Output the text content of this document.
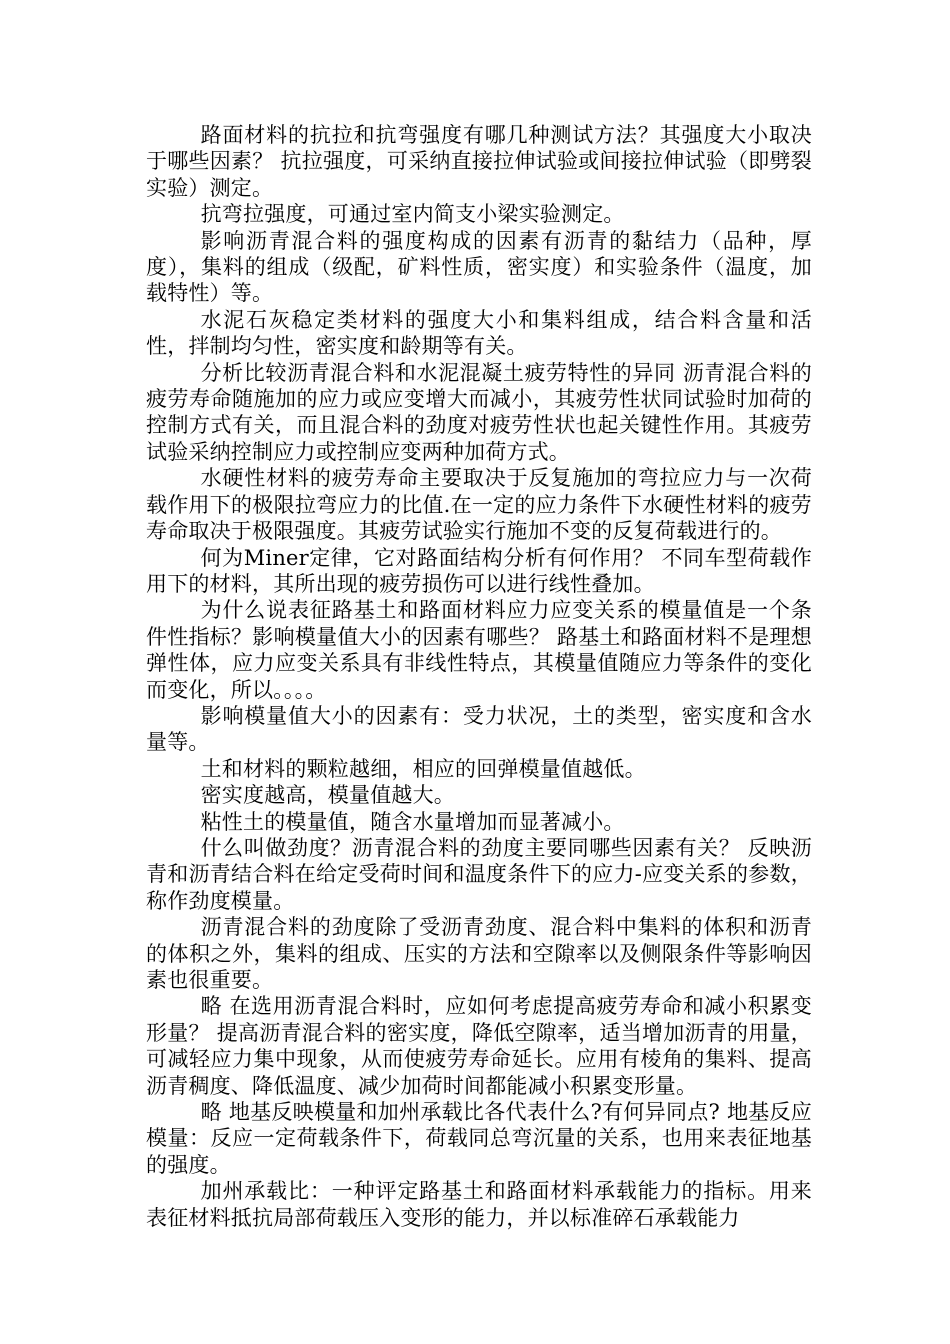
路面材料的抗拉和抗弯强度有哪几种测试方法？其强度大小取决于哪些因素？ 抗拉强度，可采纳直接拉伸试验或间接拉伸试验（即劈裂实验）测定。

抗弯拉强度，可通过室内简支小梁实验测定。

影响沥青混合料的强度构成的因素有沥青的黏结力（品种，厚度），集料的组成（级配，矿料性质，密实度）和实验条件（温度，加载特性）等。

水泥石灰稳定类材料的强度大小和集料组成，结合料含量和活性，拌制均匀性，密实度和龄期等有关。

分析比较沥青混合料和水泥混凝土疲劳特性的异同 沥青混合料的疲劳寿命随施加的应力或应变增大而减小，其疲劳性状同试验时加荷的控制方式有关，而且混合料的劲度对疲劳性状也起关键性作用。其疲劳试验采纳控制应力或控制应变两种加荷方式。

水硬性材料的疲劳寿命主要取决于反复施加的弯拉应力与一次荷载作用下的极限拉弯应力的比值.在一定的应力条件下水硬性材料的疲劳寿命取决于极限强度。其疲劳试验实行施加不变的反复荷载进行的。

何为Miner定律，它对路面结构分析有何作用？ 不同车型荷载作用下的材料，其所出现的疲劳损伤可以进行线性叠加。

为什么说表征路基土和路面材料应力应变关系的模量值是一个条件性指标？影响模量值大小的因素有哪些？ 路基土和路面材料不是理想弹性体，应力应变关系具有非线性特点，其模量值随应力等条件的变化而变化，所以。。。。

影响模量值大小的因素有：受力状况，土的类型，密实度和含水量等。

土和材料的颗粒越细，相应的回弹模量值越低。

密实度越高，模量值越大。

粘性土的模量值，随含水量增加而显著减小。

什么叫做劲度？沥青混合料的劲度主要同哪些因素有关？ 反映沥青和沥青结合料在给定受荷时间和温度条件下的应力-应变关系的参数，称作劲度模量。

沥青混合料的劲度除了受沥青劲度、混合料中集料的体积和沥青的体积之外，集料的组成、压实的方法和空隙率以及侧限条件等影响因素也很重要。

略 在选用沥青混合料时，应如何考虑提高疲劳寿命和减小积累变形量？ 提高沥青混合料的密实度，降低空隙率，适当增加沥青的用量，可减轻应力集中现象，从而使疲劳寿命延长。应用有棱角的集料、提高沥青稠度、降低温度、减少加荷时间都能减小积累变形量。

略 地基反映模量和加州承载比各代表什么?有何异同点? 地基反应模量：反应一定荷载条件下，荷载同总弯沉量的关系，也用来表征地基的强度。

加州承载比：一种评定路基土和路面材料承载能力的指标。用来表征材料抵抗局部荷载压入变形的能力，并以标准碎石承载能力
